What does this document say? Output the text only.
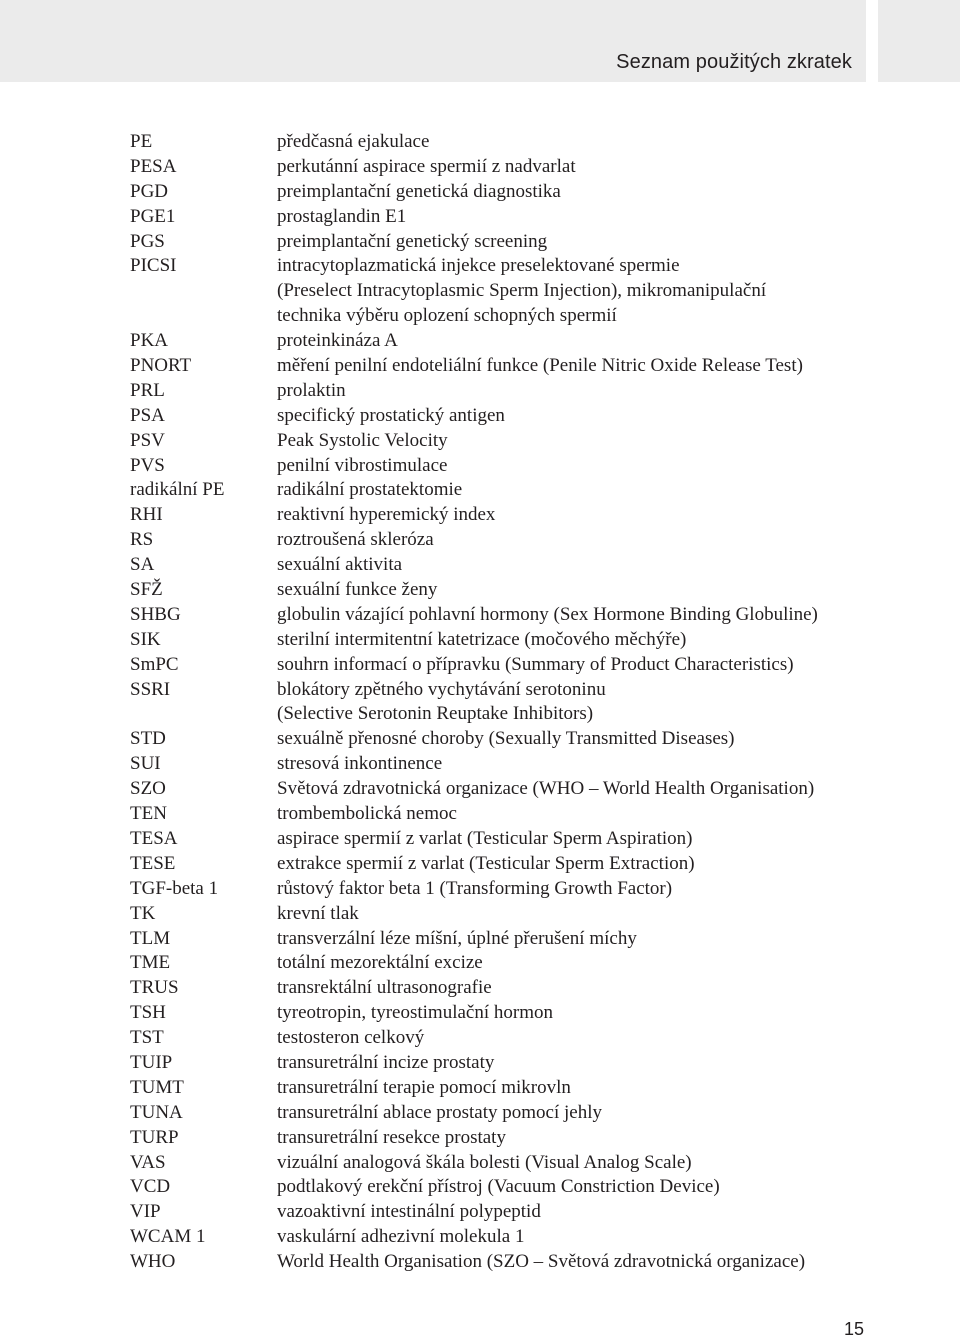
Seznam použitých zkratek
PE	předčasná ejakulace
PESA	perkutánní aspirace spermií z nadvarlat
PGD	preimplantační genetická diagnostika
PGE1	prostaglandin E1
PGS	preimplantační genetický screening
PICSI	intracytoplazmatická injekce preselektované spermie
(Preselect Intracytoplasmic Sperm Injection), mikromanipulační
technika výběru oplození schopných spermií
PKA	proteinkináza A
PNORT	měření penilní endoteliální funkce (Penile Nitric Oxide Release Test)
PRL	prolaktin
PSA	specifický prostatický antigen
PSV	Peak Systolic Velocity
PVS	penilní vibrostimulace
radikální PE	radikální prostatektomie
RHI	reaktivní hyperemický index
RS	roztroušená skleróza
SA	sexuální aktivita
SFŽ	sexuální funkce ženy
SHBG	globulin vázající pohlavní hormony (Sex Hormone Binding Globuline)
SIK	sterilní intermitentní katetrizace (močového měchýře)
SmPC	souhrn informací o přípravku (Summary of Product Characteristics)
SSRI	blokátory zpětného vychytávání serotoninu
(Selective Serotonin Reuptake Inhibitors)
STD	sexuálně přenosné choroby (Sexually Transmitted Diseases)
SUI	stresová inkontinence
SZO	Světová zdravotnická organizace (WHO – World Health Organisation)
TEN	trombembolická nemoc
TESA	aspirace spermií z varlat (Testicular Sperm Aspiration)
TESE	extrakce spermií z varlat (Testicular Sperm Extraction)
TGF-beta 1	růstový faktor beta 1 (Transforming Growth Factor)
TK	krevní tlak
TLM	transverzální léze míšní, úplné přerušení míchy
TME	totální mezorektální excize
TRUS	transrektální ultrasonografie
TSH	tyreotropin, tyreostimulační hormon
TST	testosteron celkový
TUIP	transuretrální incize prostaty
TUMT	transuretrální terapie pomocí mikrovln
TUNA	transuretrální ablace prostaty pomocí jehly
TURP	transuretrální resekce prostaty
VAS	vizuální analogová škála bolesti (Visual Analog Scale)
VCD	podtlakový erekční přístroj (Vacuum Constriction Device)
VIP	vazoaktivní intestinální polypeptid
WCAM 1	vaskulární adhezivní molekula 1
WHO	World Health Organisation (SZO – Světová zdravotnická organizace)
15
